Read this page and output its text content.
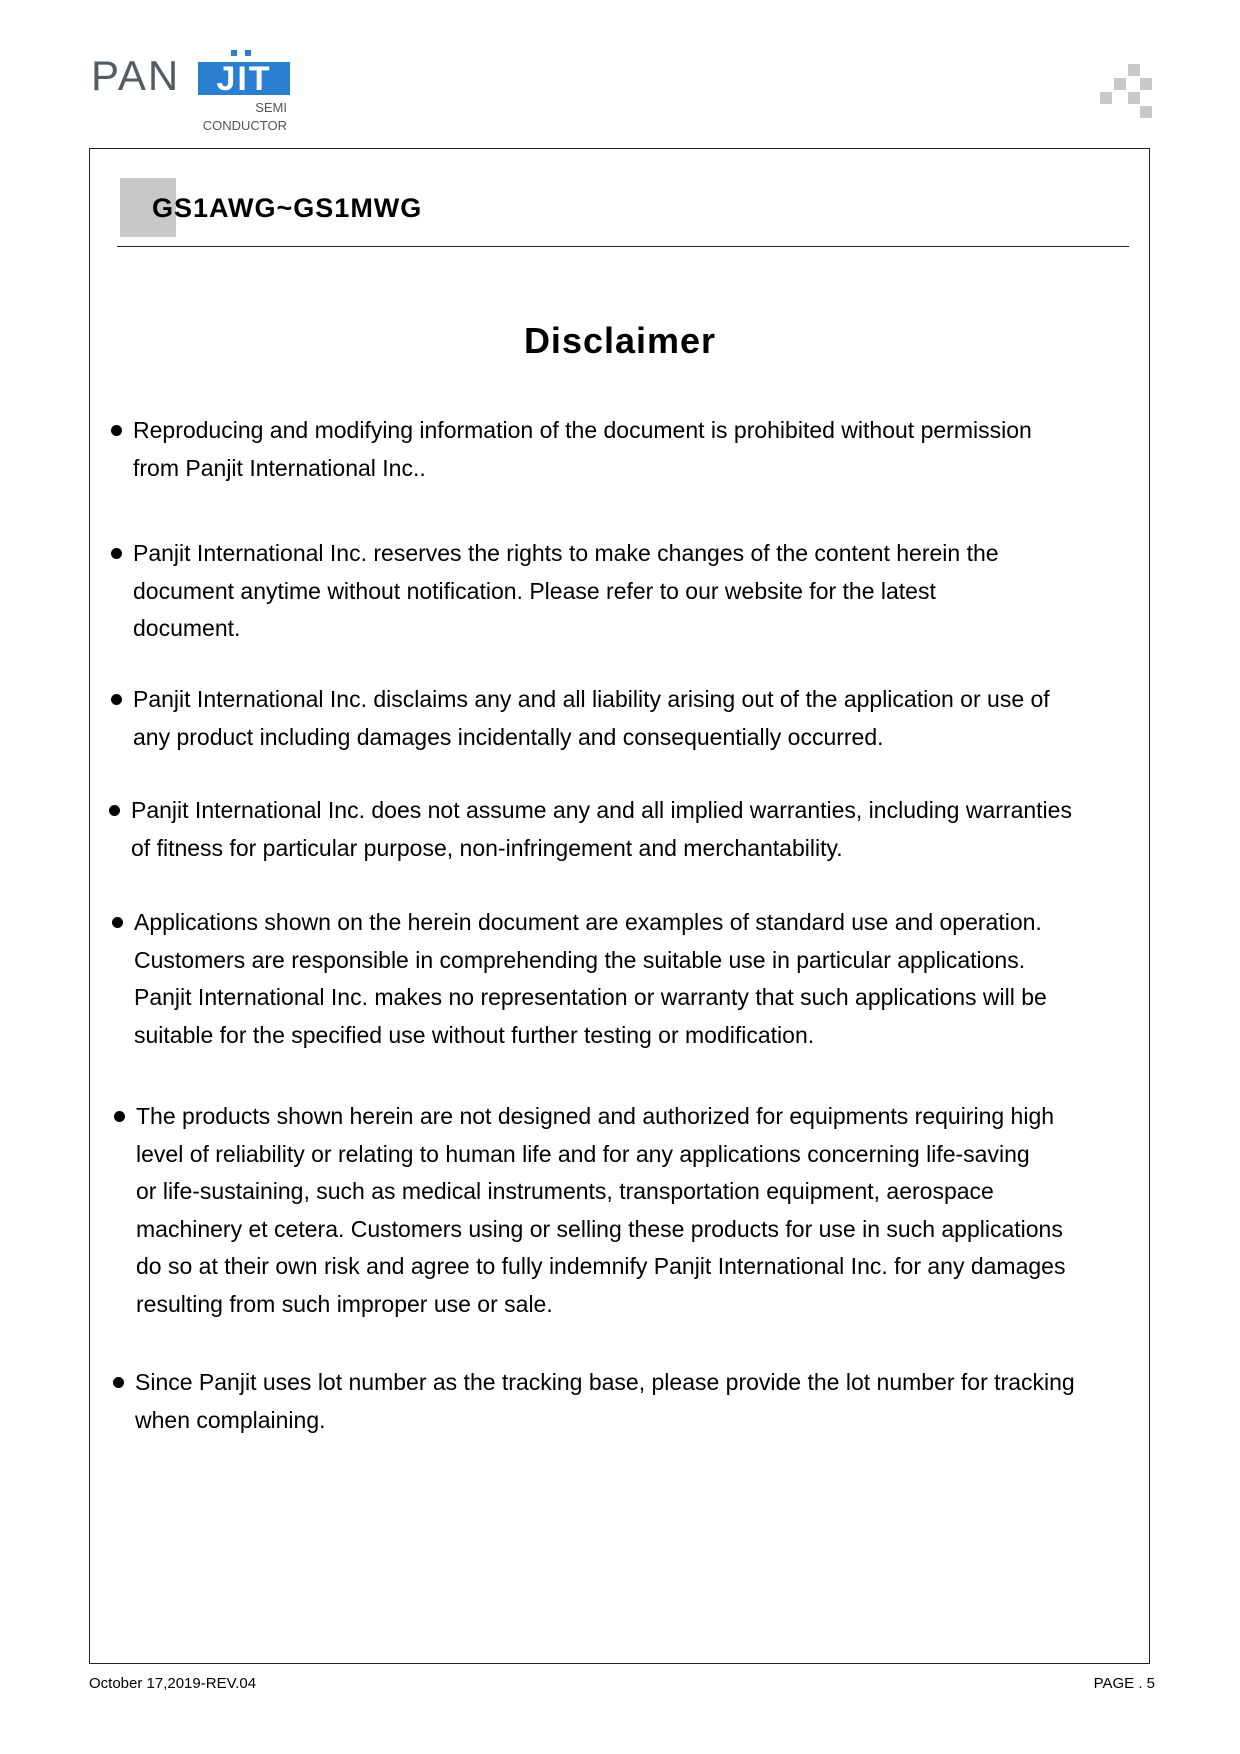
PAN	JIT
SEMI
CONDUCTOR
GS1AWG~GS1MWG
Disclaimer
Reproducing and modifying information of the document is prohibited without permission
from Panjit International Inc..
Panjit International Inc. reserves the rights to make changes of the content herein the
document anytime without notification. Please refer to our website for the latest
document.
Panjit International Inc. disclaims any and all liability arising out of the application or use of
any product including damages incidentally and consequentially occurred.
Panjit International Inc. does not assume any and all implied warranties, including warranties
of fitness for particular purpose, non-infringement and merchantability.
Applications shown on the herein document are examples of standard use and operation.
Customers are responsible in comprehending the suitable use in particular applications.
Panjit International Inc. makes no representation or warranty that such applications will be
suitable for the specified use without further testing or modification.
The products shown herein are not designed and authorized for equipments requiring high
level of reliability or relating to human life and for any applications concerning life-saving
or life-sustaining, such as medical instruments, transportation equipment, aerospace
machinery et cetera. Customers using or selling these products for use in such applications
do so at their own risk and agree to fully indemnify Panjit International Inc. for any damages
resulting from such improper use or sale.
Since Panjit uses lot number as the tracking base, please provide the lot number for tracking
when complaining.
October 17,2019-REV.04	PAGE . 5
